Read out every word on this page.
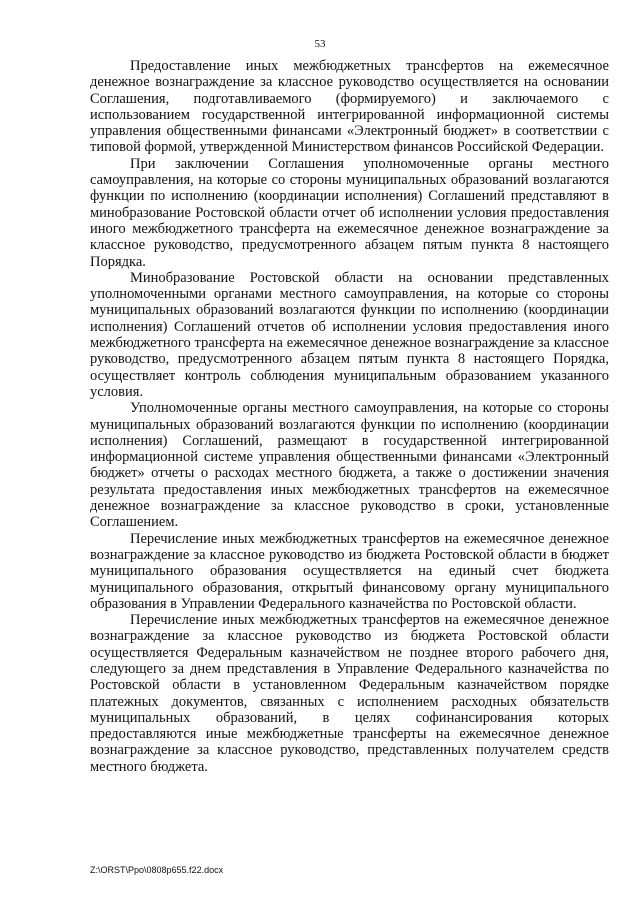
53

Предоставление иных межбюджетных трансфертов на ежемесячное денежное вознаграждение за классное руководство осуществляется на основании Соглашения, подготавливаемого (формируемого) и заключаемого с использованием государственной интегрированной информационной системы управления общественными финансами «Электронный бюджет» в соответствии с типовой формой, утвержденной Министерством финансов Российской Федерации.

При заключении Соглашения уполномоченные органы местного самоуправления, на которые со стороны муниципальных образований возлагаются функции по исполнению (координации исполнения) Соглашений представляют в минобразование Ростовской области отчет об исполнении условия предоставления иного межбюджетного трансферта на ежемесячное денежное вознаграждение за классное руководство, предусмотренного абзацем пятым пункта 8 настоящего Порядка.

Минобразование Ростовской области на основании представленных уполномоченными органами местного самоуправления, на которые со стороны муниципальных образований возлагаются функции по исполнению (координации исполнения) Соглашений отчетов об исполнении условия предоставления иного межбюджетного трансферта на ежемесячное денежное вознаграждение за классное руководство, предусмотренного абзацем пятым пункта 8 настоящего Порядка, осуществляет контроль соблюдения муниципальным образованием указанного условия.

Уполномоченные органы местного самоуправления, на которые со стороны муниципальных образований возлагаются функции по исполнению (координации исполнения) Соглашений, размещают в государственной интегрированной информационной системе управления общественными финансами «Электронный бюджет» отчеты о расходах местного бюджета, а также о достижении значения результата предоставления иных межбюджетных трансфертов на ежемесячное денежное вознаграждение за классное руководство в сроки, установленные Соглашением.

Перечисление иных межбюджетных трансфертов на ежемесячное денежное вознаграждение за классное руководство из бюджета Ростовской области в бюджет муниципального образования осуществляется на единый счет бюджета муниципального образования, открытый финансовому органу муниципального образования в Управлении Федерального казначейства по Ростовской области.

Перечисление иных межбюджетных трансфертов на ежемесячное денежное вознаграждение за классное руководство из бюджета Ростовской области осуществляется Федеральным казначейством не позднее второго рабочего дня, следующего за днем представления в Управление Федерального казначейства по Ростовской области в установленном Федеральным казначейством порядке платежных документов, связанных с исполнением расходных обязательств муниципальных образований, в целях софинансирования которых предоставляются иные межбюджетные трансферты на ежемесячное денежное вознаграждение за классное руководство, представленных получателем средств местного бюджета.

Z:\ORST\Ppo\0808p655.f22.docx
